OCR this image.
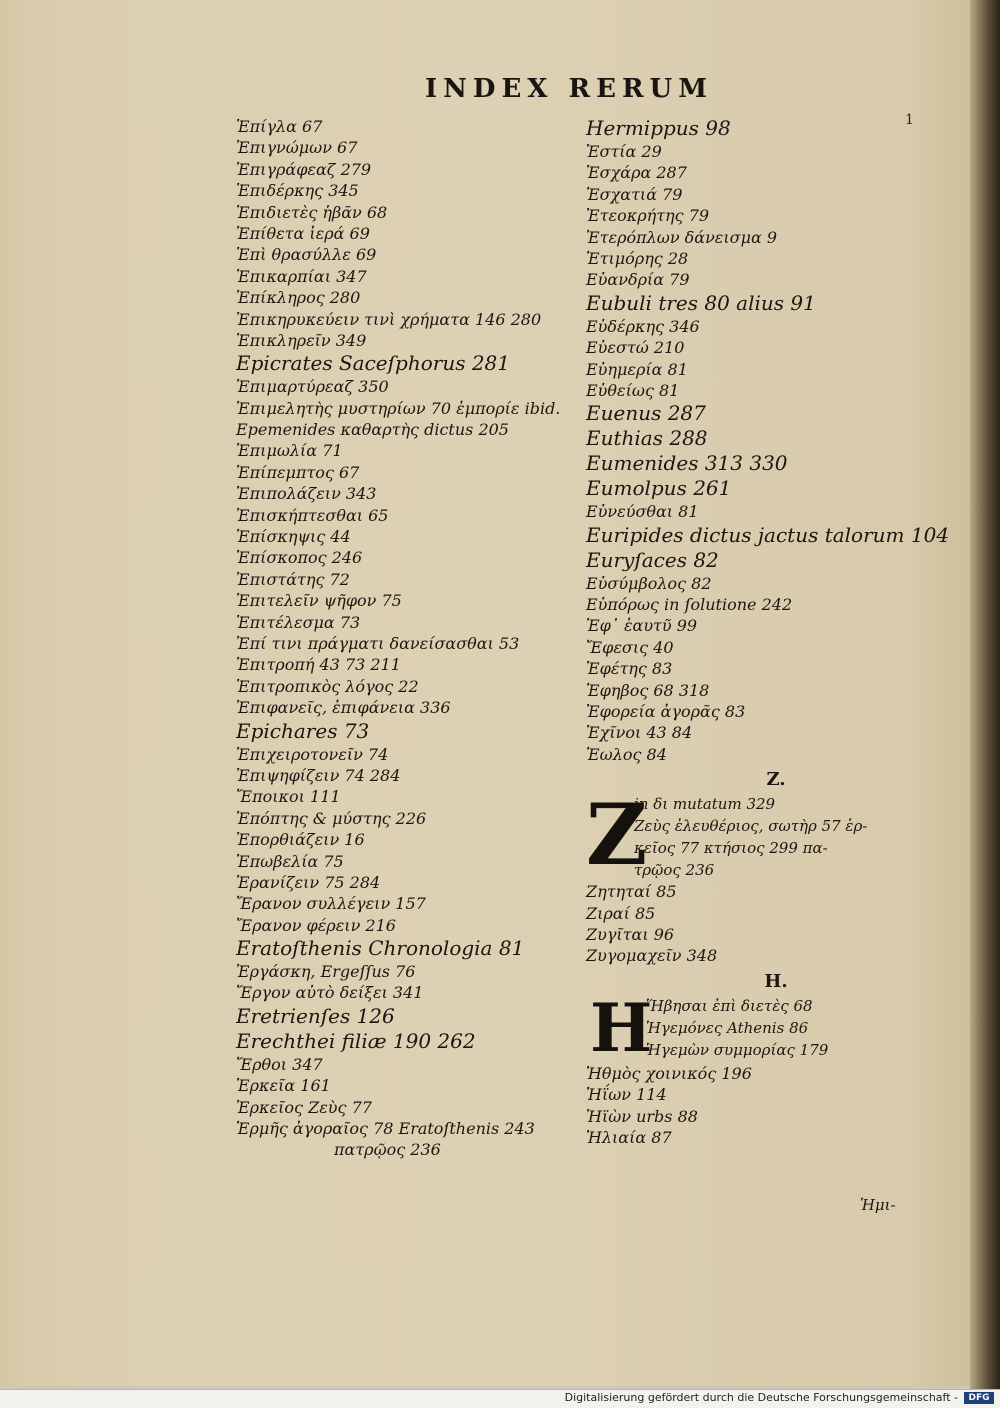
INDEX RERUM
1
Ἐπίγλα 67
Ἐπιγνώμων 67
Ἐπιγράφεαζ 279
Ἐπιδέρκης 345
Ἐπιδιετὲς ἡβᾶν 68
Ἐπίθετα ἱερά 69
Ἐπὶ θρασύλλε 69
Ἐπικαρπίαι 347
Ἐπίκληρος 280
Ἐπικηρυκεύειν τινὶ χρήματα 146 280
Ἐπικληρεῖν 349
Epicrates Saceſphorus 281
Ἐπιμαρτύρεαζ 350
Ἐπιμελητὴς μυστηρίων 70 ἐμπορίε ibid.
Epemenides καθαρτὴς dictus 205
Ἐπιμωλία 71
Ἐπίπεμπτος 67
Ἐπιπολάζειν 343
Ἐπισκήπτεσθαι 65
Ἐπίσκηψις 44
Ἐπίσκοπος 246
Ἐπιστάτης 72
Ἐπιτελεῖν ψῆφον 75
Ἐπιτέλεσμα 73
Ἐπί τινι πράγματι δανείσασθαι 53
Ἐπιτροπή 43 73 211
Ἐπιτροπικὸς λόγος 22
Ἐπιφανεῖς, ἐπιφάνεια 336
Epichares 73
Ἐπιχειροτονεῖν 74
Ἐπιψηφίζειν 74 284
Ἔποικοι 111
Ἐπόπτης & μύστης 226
Ἐπορθιάζειν 16
Ἐπωβελία 75
Ἐρανίζειν 75 284
Ἔρανον συλλέγειν 157
Ἔρανον φέρειν 216
Eratoſthenis Chronologia 81
Ἐργάσκη, Ergeſſus 76
Ἔργον αὐτὸ δείξει 341
Eretrienſes 126
Erechthei filiæ 190 262
Ἔρθοι 347
Ἐρκεῖα 161
Ἐρκεῖος Ζεὺς 77
Ἑρμῆς ἀγοραῖος 78 Eratoſthenis 243
πατρῷος 236
Hermippus 98
Ἑστία 29
Ἐσχάρα 287
Ἐσχατιά 79
Ἐτεοκρήτης 79
Ἐτερόπλων δάνεισμα 9
Ἐτιμόρης 28
Εὐανδρία 79
Eubuli tres 80 alius 91
Εὐδέρκης 346
Εὐεστώ 210
Εὐημερία 81
Εὐθείως 81
Euenus 287
Euthias 288
Eumenides 313 330
Eumolpus 261
Εὐνεύσθαι 81
Euripides dictus jactus talorum 104
Euryſaces 82
Εὐσύμβολος 82
Εὐπόρως in ſolutione 242
Ἐφ᾽ ἑαυτῦ 99
Ἔφεσις 40
Ἐφέτης 83
Ἐφηβος 68 318
Ἐφορεία ἀγορᾶς 83
Ἐχῖνοι 43 84
Ἐωλος 84
Z.
Z
in δι mutatum 329
Ζεὺς ἐλευθέριος, σωτὴρ 57 ἑρ-
κεῖος 77 κτήσιος 299 πα-
τρῷος 236
Ζητηταί 85
Ζιραί 85
Ζυγῖται 96
Ζυγομαχεῖν 348
H.
H
Ἥβησαι ἐπὶ διετὲς 68
Ἡγεμόνες Athenis 86
Ἡγεμὼν συμμορίας 179
Ἡθμὸς χοινικός 196
Ἠΐων 114
Ἠϊὼν urbs 88
Ἡλιαία 87
Ἡμι-
Digitalisierung gefördert durch die Deutsche Forschungsgemeinschaft -	DFG
